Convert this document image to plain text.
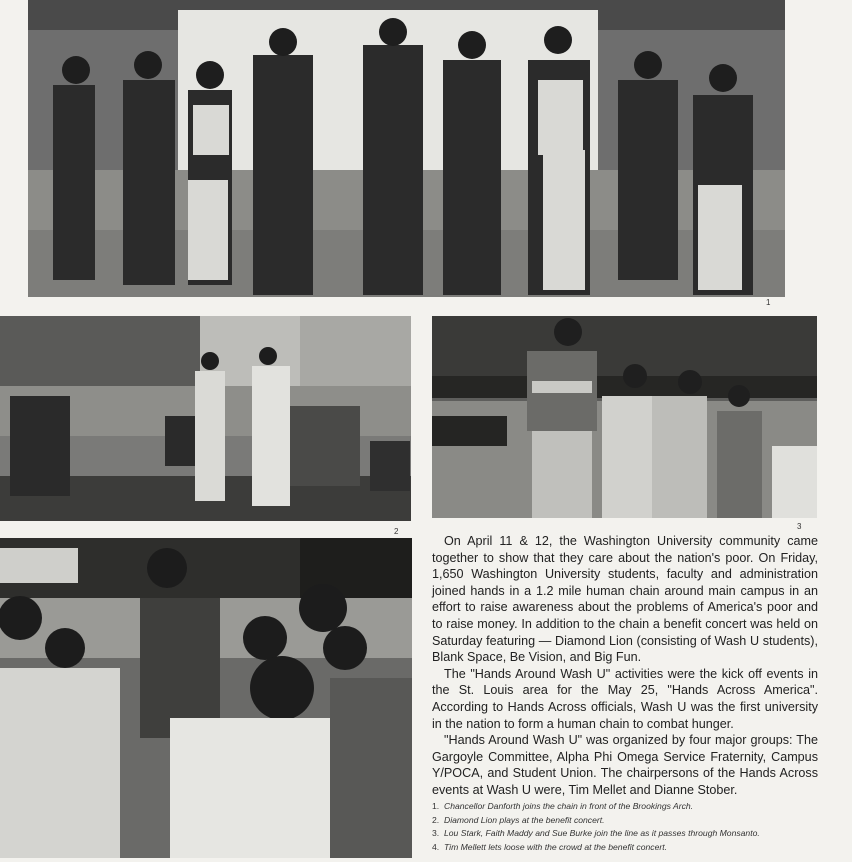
1
2
3

On April 11 & 12, the Washington University community came together to show that they care about the nation's poor. On Friday, 1,650 Washington University students, faculty and administration joined hands in a 1.2 mile human chain around main campus in an effort to raise awareness about the problems of America's poor and to raise money. In addition to the chain a benefit concert was held on Saturday featuring — Diamond Lion (consisting of Wash U students), Blank Space, Be Vision, and Big Fun.

The "Hands Around Wash U" activities were the kick off events in the St. Louis area for the May 25, "Hands Across America". According to Hands Across officials, Wash U was the first university in the nation to form a human chain to combat hunger.

"Hands Around Wash U" was organized by four major groups: The Gargoyle Committee, Alpha Phi Omega Service Fraternity, Campus Y/POCA, and Student Union. The chairpersons of the Hands Across events at Wash U were, Tim Mellet and Dianne Stober.

1. Chancellor Danforth joins the chain in front of the Brookings Arch.
2. Diamond Lion plays at the benefit concert.
3. Lou Stark, Faith Maddy and Sue Burke join the line as it passes through Monsanto.
4. Tim Mellett lets loose with the crowd at the benefit concert.
